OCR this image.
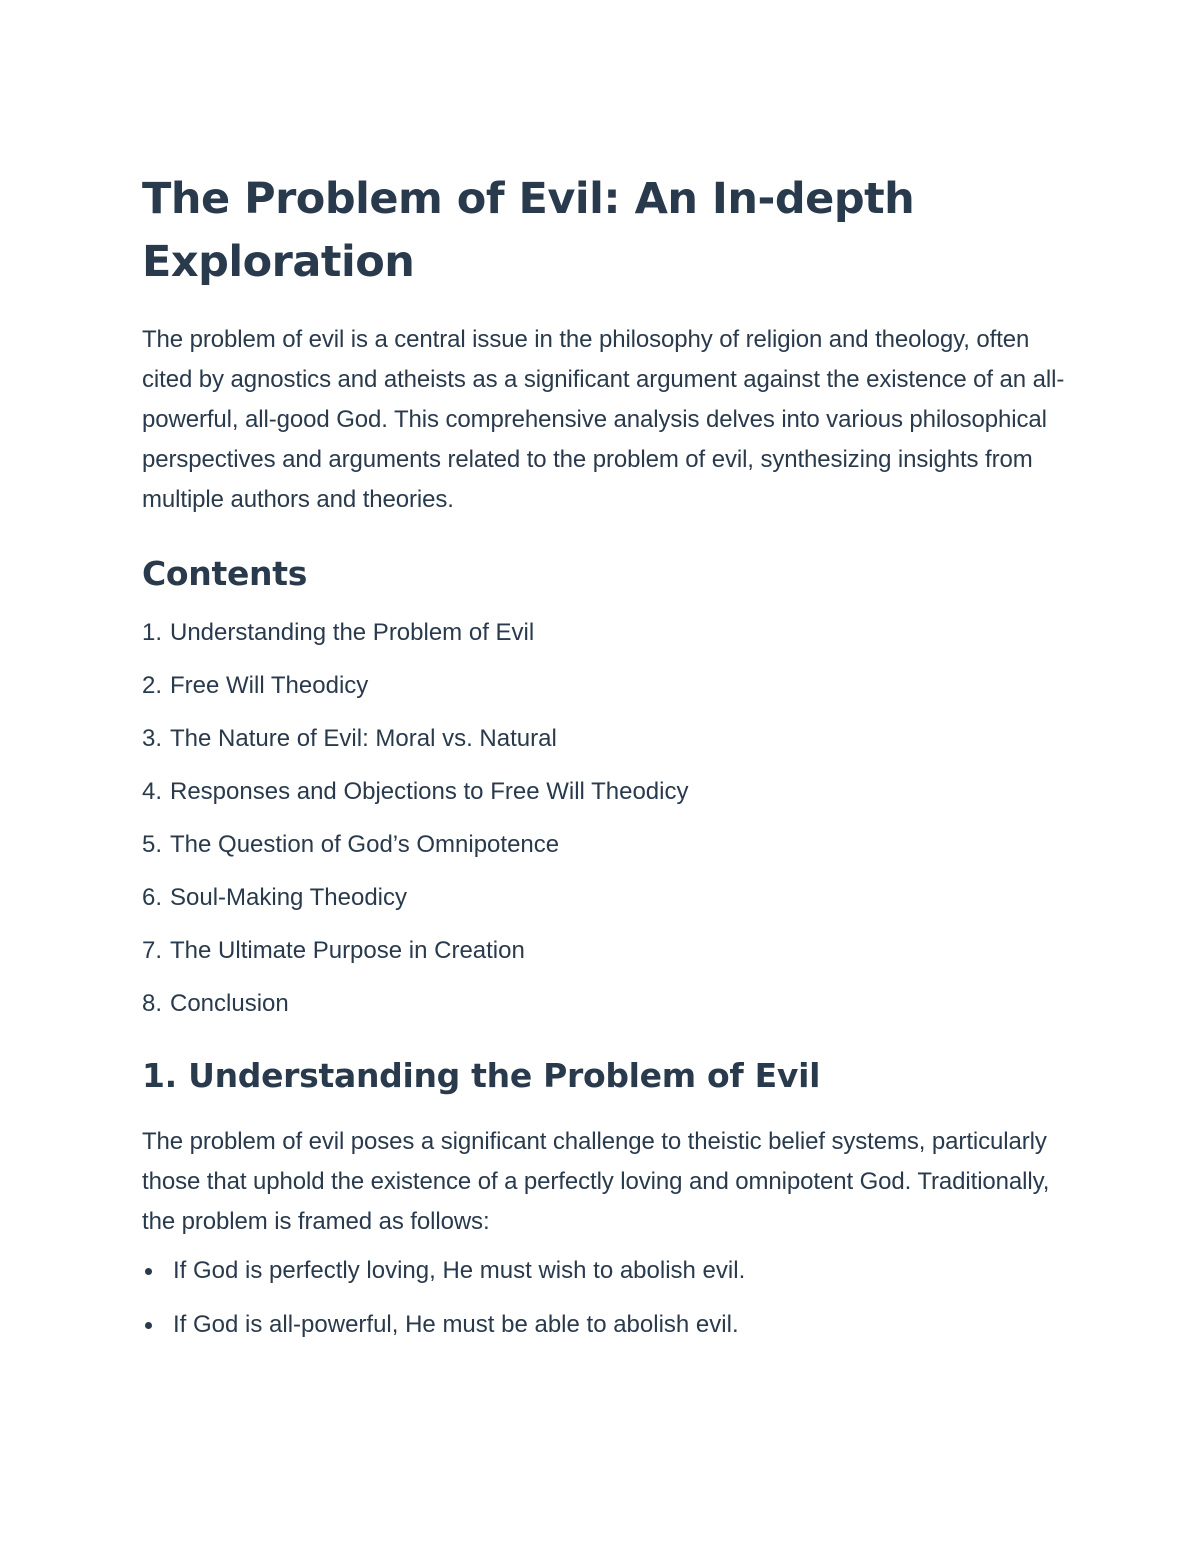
The Problem of Evil: An In-depth Exploration

The problem of evil is a central issue in the philosophy of religion and theology, often cited by agnostics and atheists as a significant argument against the existence of an all-powerful, all-good God. This comprehensive analysis delves into various philosophical perspectives and arguments related to the problem of evil, synthesizing insights from multiple authors and theories.

Contents
1. Understanding the Problem of Evil
2. Free Will Theodicy
3. The Nature of Evil: Moral vs. Natural
4. Responses and Objections to Free Will Theodicy
5. The Question of God’s Omnipotence
6. Soul-Making Theodicy
7. The Ultimate Purpose in Creation
8. Conclusion
1. Understanding the Problem of Evil

The problem of evil poses a significant challenge to theistic belief systems, particularly those that uphold the existence of a perfectly loving and omnipotent God. Traditionally, the problem is framed as follows:

If God is perfectly loving, He must wish to abolish evil.
If God is all-powerful, He must be able to abolish evil.
